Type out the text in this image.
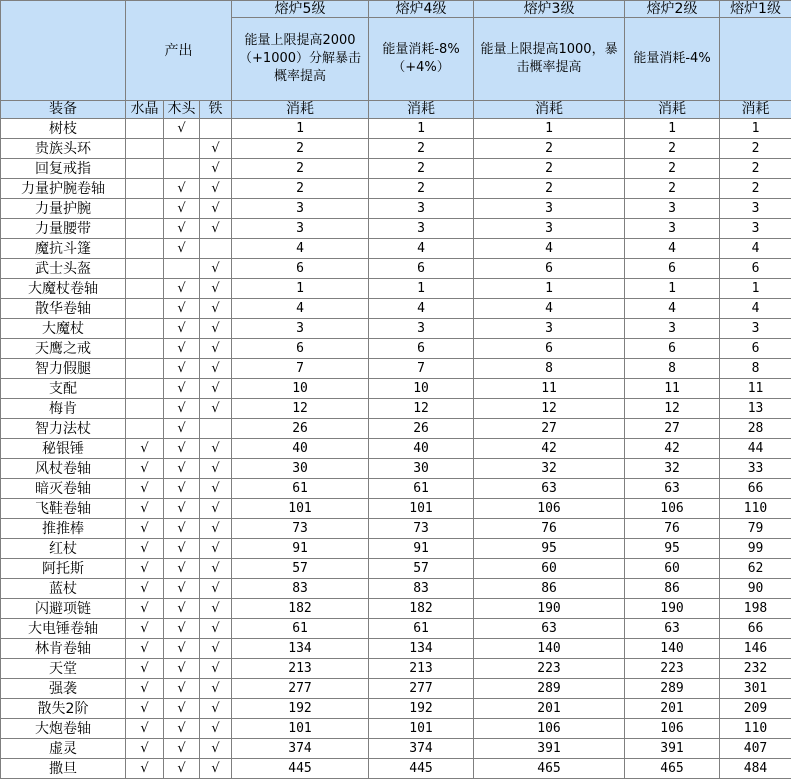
	产出			熔炉5级	熔炉4级	熔炉3级	熔炉2级	熔炉1级
				能量上限提高2000（+1000）分解暴击概率提高	能量消耗-8%（+4%）	能量上限提高1000，暴击概率提高	能量消耗-4%	
装备	水晶	木头	铁	消耗	消耗	消耗	消耗	消耗
树枝		√		1	1	1	1	1
贵族头环			√	2	2	2	2	2
回复戒指			√	2	2	2	2	2
力量护腕卷轴		√	√	2	2	2	2	2
力量护腕		√	√	3	3	3	3	3
力量腰带		√	√	3	3	3	3	3
魔抗斗篷		√		4	4	4	4	4
武士头盔			√	6	6	6	6	6
大魔杖卷轴		√	√	1	1	1	1	1
散华卷轴		√	√	4	4	4	4	4
大魔杖		√	√	3	3	3	3	3
天鹰之戒		√	√	6	6	6	6	6
智力假腿		√	√	7	7	8	8	8
支配		√	√	10	10	11	11	11
梅肯		√	√	12	12	12	12	13
智力法杖		√		26	26	27	27	28
秘银锤	√	√	√	40	40	42	42	44
风杖卷轴	√	√	√	30	30	32	32	33
暗灭卷轴	√	√	√	61	61	63	63	66
飞鞋卷轴	√	√	√	101	101	106	106	110
推推棒	√	√	√	73	73	76	76	79
红杖	√	√	√	91	91	95	95	99
阿托斯	√	√	√	57	57	60	60	62
蓝杖	√	√	√	83	83	86	86	90
闪避项链	√	√	√	182	182	190	190	198
大电锤卷轴	√	√	√	61	61	63	63	66
林肯卷轴	√	√	√	134	134	140	140	146
天堂	√	√	√	213	213	223	223	232
强袭	√	√	√	277	277	289	289	301
散失2阶	√	√	√	192	192	201	201	209
大炮卷轴	√	√	√	101	101	106	106	110
虚灵	√	√	√	374	374	391	391	407
撒旦	√	√	√	445	445	465	465	484
